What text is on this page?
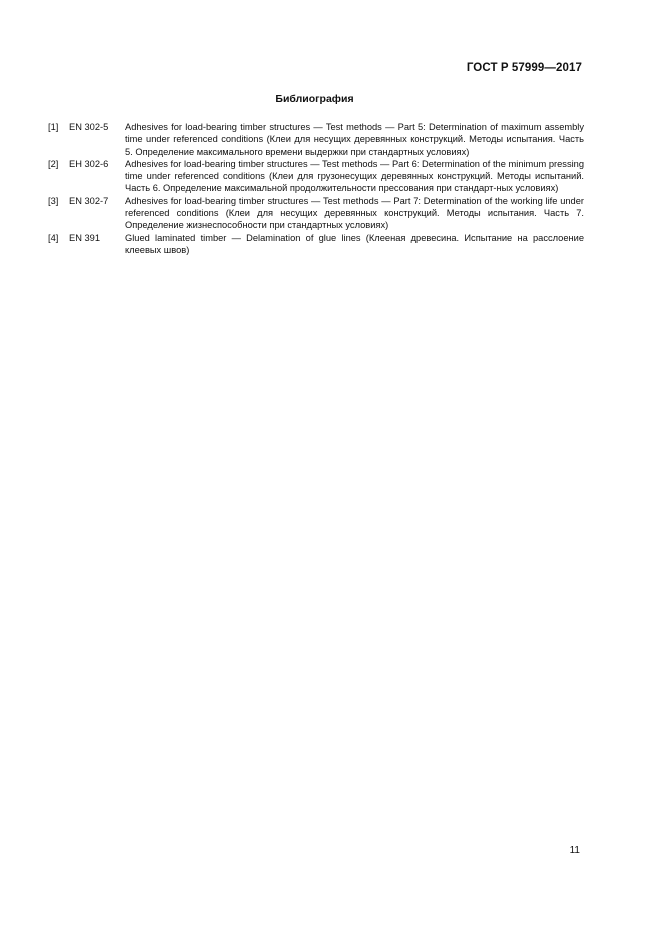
ГОСТ Р 57999—2017
Библиография
[1] EN 302-5 Adhesives for load-bearing timber structures — Test methods — Part 5: Determination of maximum assembly time under referenced conditions (Клеи для несущих деревянных конструкций. Методы испытания. Часть 5. Определение максимального времени выдержки при стандартных условиях)
[2] EH 302-6 Adhesives for load-bearing timber structures — Test methods — Part 6: Determination of the minimum pressing time under referenced conditions (Клеи для грузонесущих деревянных конструкций. Методы испытаний. Часть 6. Определение максимальной продолжительности прессования при стандарт-ных условиях)
[3] EN 302-7 Adhesives for load-bearing timber structures — Test methods — Part 7: Determination of the working life under referenced conditions (Клеи для несущих деревянных конструкций. Методы испытания. Часть 7. Определение жизнеспособности при стандартных условиях)
[4] EN 391	Glued laminated timber — Delamination of glue lines (Клееная древесина. Испытание на расслоение клеевых швов)
11
